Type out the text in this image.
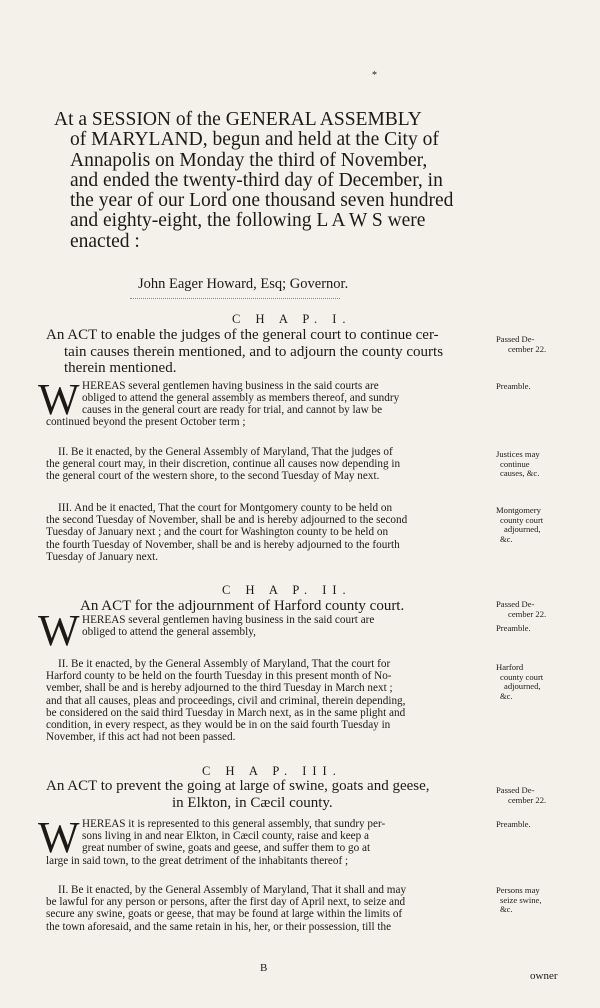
*
At a SESSION of the GENERAL ASSEMBLY
of MARYLAND, begun and held at the City of
Annapolis on Monday the third of November,
and ended the twenty-third day of December, in
the year of our Lord one thousand seven hundred
and eighty-eight, the following L A W S were
enacted :
John Eager Howard, Esq; Governor.
C H A P. I.
An ACT to enable the judges of the general court to continue cer-
tain causes therein mentioned, and to adjourn the county courts
therein mentioned.
Passed De-
cember 22.
W HEREAS several gentlemen having business in the said courts are
obliged to attend the general assembly as members thereof, and sundry
causes in the general court are ready for trial, and cannot by law be
continued beyond the present October term ;
Preamble.
II. Be it enacted, by the General Assembly of Maryland, That the judges of
the general court may, in their discretion, continue all causes now depending in
the general court of the western shore, to the second Tuesday of May next.
Justices may
continue
causes, &c.
III. And be it enacted, That the court for Montgomery county to be held on
the second Tuesday of November, shall be and is hereby adjourned to the second
Tuesday of January next ; and the court for Washington county to be held on
the fourth Tuesday of November, shall be and is hereby adjourned to the fourth
Tuesday of January next.
Montgomery
county court
adjourned,
&c.
C H A P. II.
An ACT for the adjournment of Harford county court.	Passed De-
cember 22.
W HEREAS several gentlemen having business in the said court are
obliged to attend the general assembly,	Preamble.
II. Be it enacted, by the General Assembly of Maryland, That the court for
Harford county to be held on the fourth Tuesday in this present month of No-
vember, shall be and is hereby adjourned to the third Tuesday in March next ;
and that all causes, pleas and proceedings, civil and criminal, therein depending,
be considered on the said third Tuesday in March next, as in the same plight and
condition, in every respect, as they would be in on the said fourth Tuesday in
November, if this act had not been passed.
Harford
county court
adjourned,
&c.
C H A P. III.
An ACT to prevent the going at large of swine, goats and geese,
in Elkton, in Cæcil county.
Passed De-
cember 22.
W HEREAS it is represented to this general assembly, that sundry per-
sons living in and near Elkton, in Cæcil county, raise and keep a
great number of swine, goats and geese, and suffer them to go at
large in said town, to the great detriment of the inhabitants thereof ;
Preamble.
II. Be it enacted, by the General Assembly of Maryland, That it shall and may
be lawful for any person or persons, after the first day of April next, to seize and
secure any swine, goats or geese, that may be found at large within the limits of
the town aforesaid, and the same retain in his, her, or their possession, till the
Persons may
seize swine,
&c.
B
owner
